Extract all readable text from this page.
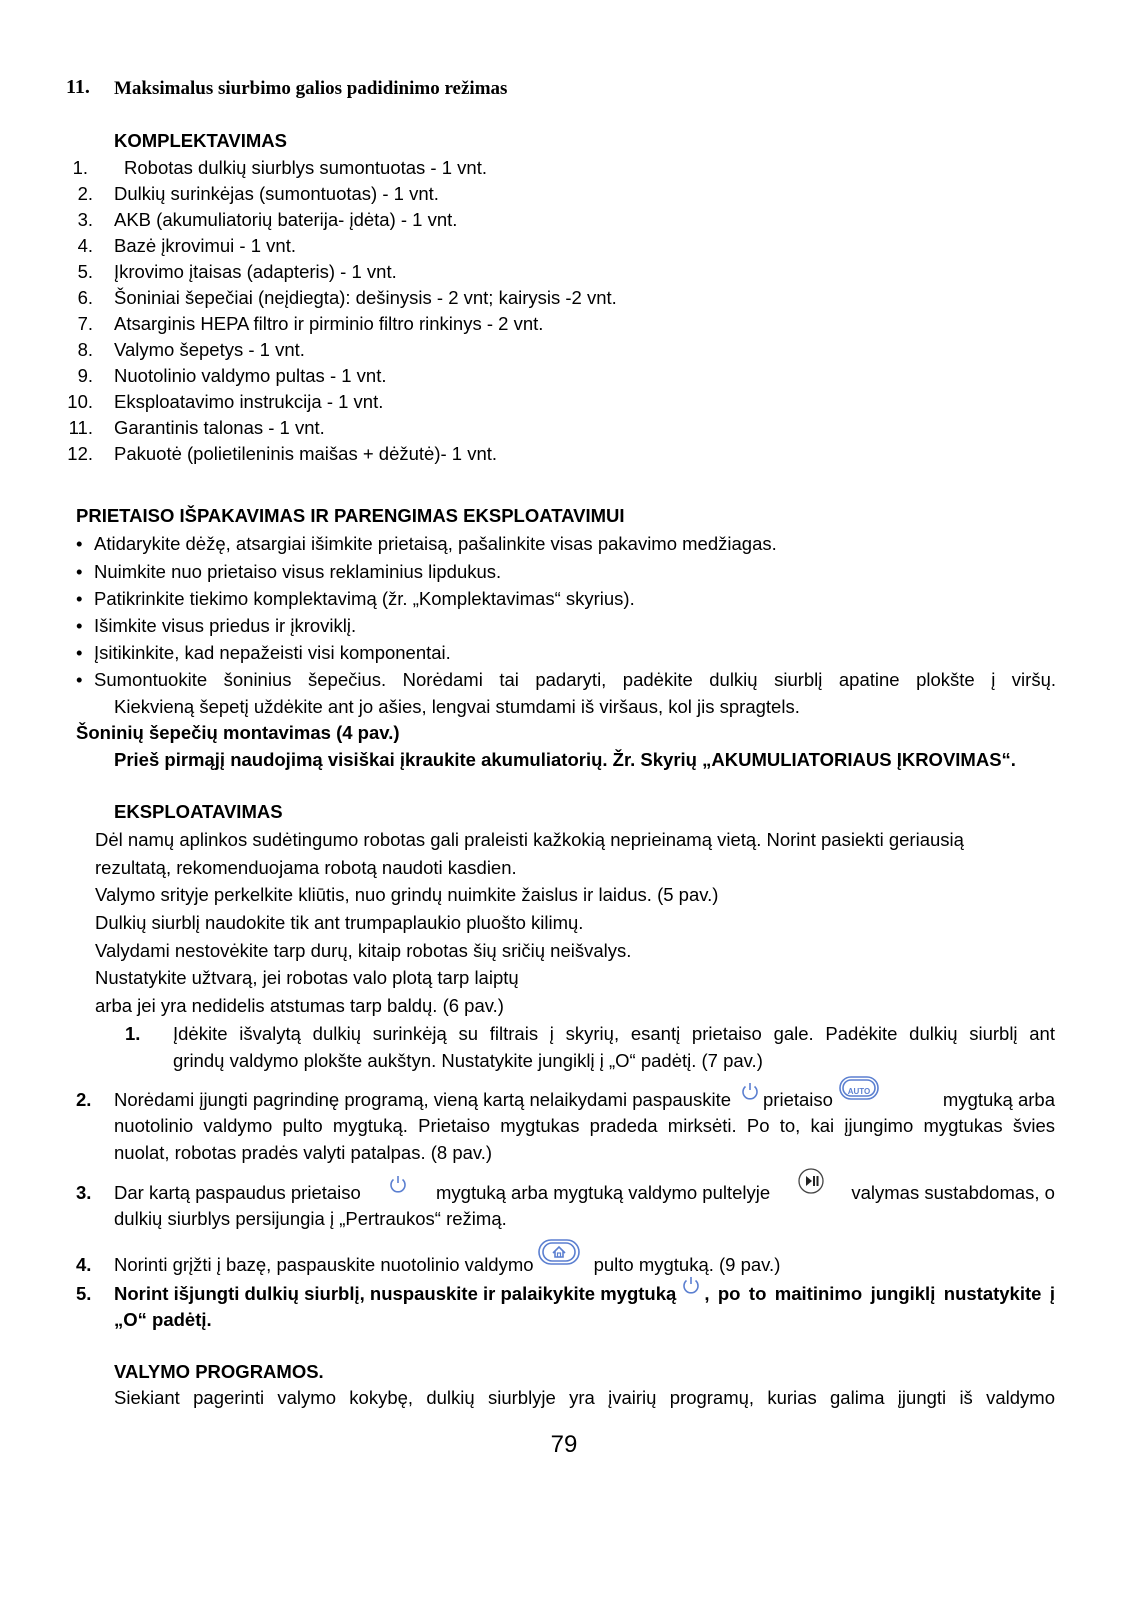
11. Maksimalus siurbimo galios padidinimo režimas
KOMPLEKTAVIMAS
1. Robotas dulkių siurblys sumontuotas - 1 vnt.
2. Dulkių surinkėjas (sumontuotas) - 1 vnt.
3. AKB (akumuliatorių baterija- įdėta) - 1 vnt.
4. Bazė įkrovimui - 1 vnt.
5. Įkrovimo įtaisas (adapteris) - 1 vnt.
6. Šoniniai šepečiai (neįdiegta): dešinysis - 2 vnt; kairysis -2 vnt.
7. Atsarginis HEPA filtro ir pirminio filtro rinkinys - 2 vnt.
8. Valymo šepetys - 1 vnt.
9. Nuotolinio valdymo pultas - 1 vnt.
10. Eksploatavimo instrukcija - 1 vnt.
11. Garantinis talonas - 1 vnt.
12. Pakuotė (polietileninis maišas + dėžutė)- 1 vnt.
PRIETAISO IŠPAKAVIMAS IR PARENGIMAS EKSPLOATAVIMUI
• Atidarykite dėžę, atsargiai išimkite prietaisą, pašalinkite visas pakavimo medžiagas.
• Nuimkite nuo prietaiso visus reklaminius lipdukus.
• Patikrinkite tiekimo komplektavimą (žr. „Komplektavimas“ skyrius).
• Išimkite visus priedus ir įkroviklį.
• Įsitikinkite, kad nepažeisti visi komponentai.
• Sumontuokite šoninius šepečius. Norėdami tai padaryti, padėkite dulkių siurblį apatine plokšte į viršų.
Kiekvieną šepetį uždėkite ant jo ašies, lengvai stumdami iš viršaus, kol jis spragtels.
Šoninių šepečių montavimas (4 pav.)
Prieš pirmąjį naudojimą visiškai įkraukite akumuliatorių. Žr. Skyrių „AKUMULIATORIAUS ĮKROVIMAS“.
EKSPLOATAVIMAS
Dėl namų aplinkos sudėtingumo robotas gali praleisti kažkokią neprieinamą vietą. Norint pasiekti geriausią
rezultatą, rekomenduojama robotą naudoti kasdien.
Valymo srityje perkelkite kliūtis, nuo grindų nuimkite žaislus ir laidus. (5 pav.)
Dulkių siurblį naudokite tik ant trumpaplaukio pluošto kilimų.
Valydami nestovėkite tarp durų, kitaip robotas šių sričių neišvalys.
Nustatykite užtvarą, jei robotas valo plotą tarp laiptų
arba jei yra nedidelis atstumas tarp baldų. (6 pav.)
1. Įdėkite išvalytą dulkių surinkėją su filtrais į skyrių, esantį prietaiso gale. Padėkite dulkių siurblį ant
grindų valdymo plokšte aukštyn. Nustatykite jungiklį į „O“ padėtį. (7 pav.)
2. Norėdami įjungti pagrindinę programą, vieną kartą nelaikydami paspauskite prietaiso	AUTO	mygtuką arba
nuotolinio valdymo pulto mygtuką. Prietaiso mygtukas pradeda mirksėti. Po to, kai įjungimo mygtukas švies
nuolat, robotas pradės valyti patalpas. (8 pav.)
3. Dar kartą paspaudus prietaiso	mygtuką arba mygtuką valdymo pultelyje	valymas sustabdomas, o
dulkių siurblys persijungia į „Pertraukos“ režimą.
4. Norinti grįžti į bazę, paspauskite nuotolinio valdymo	pulto mygtuką. (9 pav.)
5. Norint išjungti dulkių siurblį, nuspauskite ir palaikykite mygtuką , po to maitinimo jungiklį nustatykite į
„O“ padėtį.
VALYMO PROGRAMOS.
Siekiant pagerinti valymo kokybę, dulkių siurblyje yra įvairių programų, kurias galima įjungti iš valdymo
79
